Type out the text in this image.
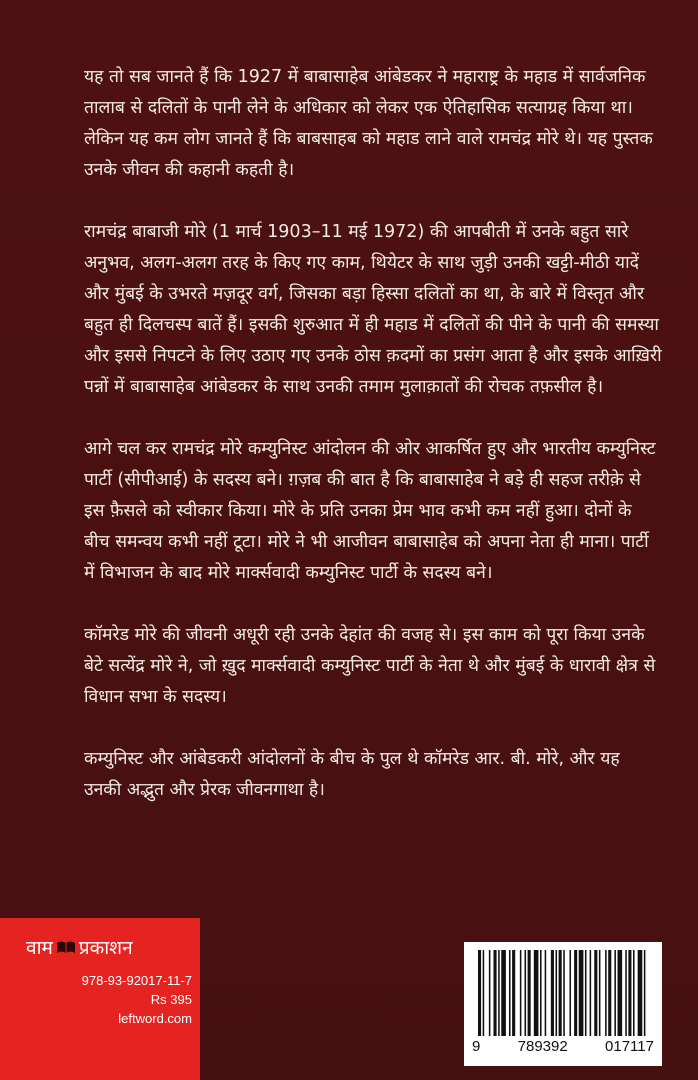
यह तो सब जानते हैं कि 1927 में बाबासाहेब आंबेडकर ने महाराष्ट्र के महाड में सार्वजनिक तालाब से दलितों के पानी लेने के अधिकार को लेकर एक ऐतिहासिक सत्याग्रह किया था। लेकिन यह कम लोग जानते हैं कि बाबसाहब को महाड लाने वाले रामचंद्र मोरे थे। यह पुस्तक उनके जीवन की कहानी कहती है।

रामचंद्र बाबाजी मोरे (1 मार्च 1903–11 मई 1972) की आपबीती में उनके बहुत सारे अनुभव, अलग-अलग तरह के किए गए काम, थियेटर के साथ जुड़ी उनकी खट्टी-मीठी यादें और मुंबई के उभरते मज़दूर वर्ग, जिसका बड़ा हिस्सा दलितों का था, के बारे में विस्तृत और बहुत ही दिलचस्प बातें हैं। इसकी शुरुआत में ही महाड में दलितों की पीने के पानी की समस्या और इससे निपटने के लिए उठाए गए उनके ठोस क़दमों का प्रसंग आता है और इसके आख़िरी पन्नों में बाबासाहेब आंबेडकर के साथ उनकी तमाम मुलाक़ातों की रोचक तफ़सील है।

आगे चल कर रामचंद्र मोरे कम्युनिस्ट आंदोलन की ओर आकर्षित हुए और भारतीय कम्युनिस्ट पार्टी (सीपीआई) के सदस्य बने। ग़ज़ब की बात है कि बाबासाहेब ने बड़े ही सहज तरीक़े से इस फ़ैसले को स्वीकार किया। मोरे के प्रति उनका प्रेम भाव कभी कम नहीं हुआ। दोनों के बीच समन्वय कभी नहीं टूटा। मोरे ने भी आजीवन बाबासाहेब को अपना नेता ही माना। पार्टी में विभाजन के बाद मोरे मार्क्सवादी कम्युनिस्ट पार्टी के सदस्य बने।

कॉमरेड मोरे की जीवनी अधूरी रही उनके देहांत की वजह से। इस काम को पूरा किया उनके बेटे सत्येंद्र मोरे ने, जो ख़ुद मार्क्सवादी कम्युनिस्ट पार्टी के नेता थे और मुंबई के धारावी क्षेत्र से विधान सभा के सदस्य।

कम्युनिस्ट और आंबेडकरी आंदोलनों के बीच के पुल थे कॉमरेड आर. बी. मोरे, और यह उनकी अद्भुत और प्रेरक जीवनगाथा है।

वाम प्रकाशन
978-93-92017-11-7
Rs 395
leftword.com
9 789392 017117
